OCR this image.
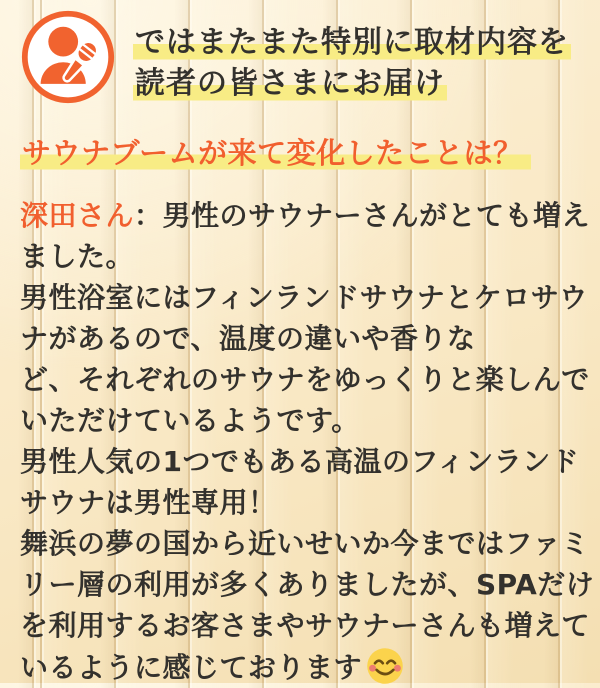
ではまたまた特別に取材内容を
読者の皆さまにお届け
サウナブームが来て変化したことは？
深田さん：男性のサウナーさんがとても増え
ました。
男性浴室にはフィンランドサウナとケロサウ
ナがあるので、温度の違いや香りな
ど、それぞれのサウナをゆっくりと楽しんで
いただけているようです。
男性人気の1つでもある高温のフィンランド
サウナは男性専用！
舞浜の夢の国から近いせいか今まではファミ
リー層の利用が多くありましたが、SPAだけ
を利用するお客さまやサウナーさんも増えて
いるように感じております
